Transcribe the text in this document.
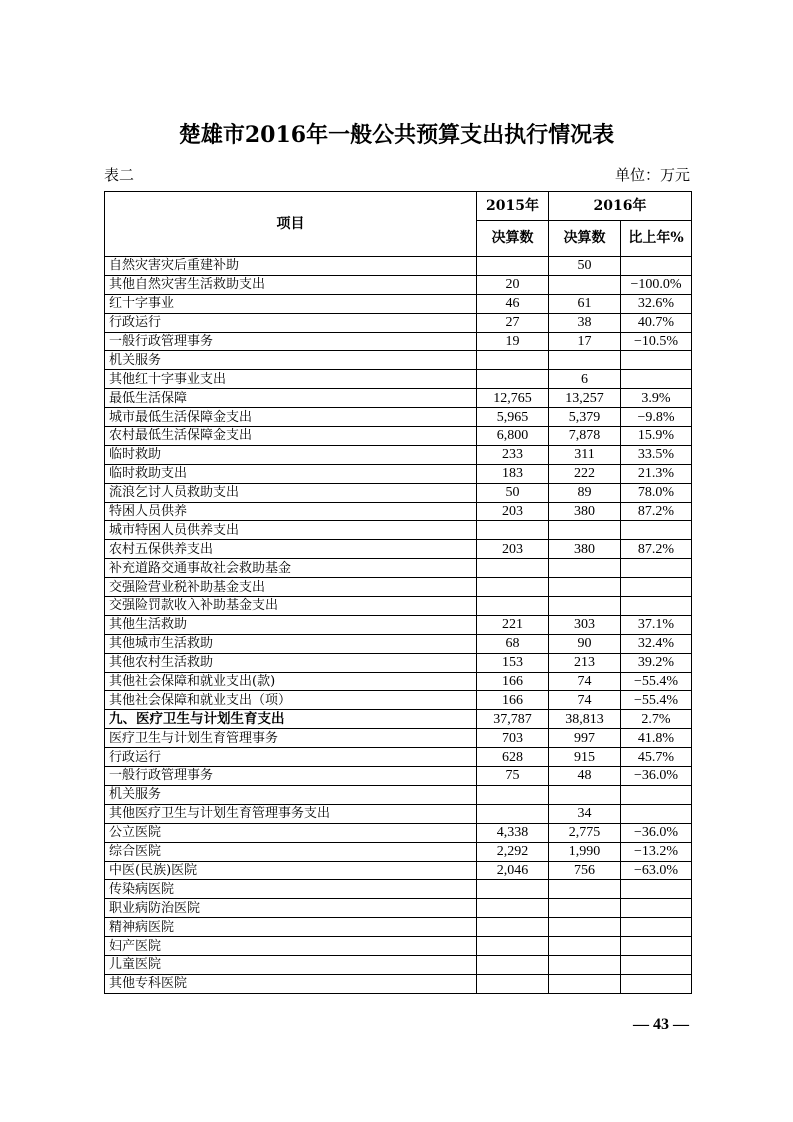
楚雄市2016年一般公共预算支出执行情况表
表二	单位：万元
项目	2015年	2016年	
	决算数	决算数	比上年%
自然灾害灾后重建补助		50	
其他自然灾害生活救助支出	20		−100.0%
红十字事业	46	61	32.6%
行政运行	27	38	40.7%
一般行政管理事务	19	17	−10.5%
机关服务			
其他红十字事业支出		6	
最低生活保障	12,765	13,257	3.9%
城市最低生活保障金支出	5,965	5,379	−9.8%
农村最低生活保障金支出	6,800	7,878	15.9%
临时救助	233	311	33.5%
临时救助支出	183	222	21.3%
流浪乞讨人员救助支出	50	89	78.0%
特困人员供养	203	380	87.2%
城市特困人员供养支出			
农村五保供养支出	203	380	87.2%
补充道路交通事故社会救助基金			
交强险营业税补助基金支出			
交强险罚款收入补助基金支出			
其他生活救助	221	303	37.1%
其他城市生活救助	68	90	32.4%
其他农村生活救助	153	213	39.2%
其他社会保障和就业支出(款)	166	74	−55.4%
其他社会保障和就业支出（项）	166	74	−55.4%
九、医疗卫生与计划生育支出	37,787	38,813	2.7%
医疗卫生与计划生育管理事务	703	997	41.8%
行政运行	628	915	45.7%
一般行政管理事务	75	48	−36.0%
机关服务			
其他医疗卫生与计划生育管理事务支出		34	
公立医院	4,338	2,775	−36.0%
综合医院	2,292	1,990	−13.2%
中医(民族)医院	2,046	756	−63.0%
传染病医院			
职业病防治医院			
精神病医院			
妇产医院			
儿童医院			
其他专科医院			
— 43 —
